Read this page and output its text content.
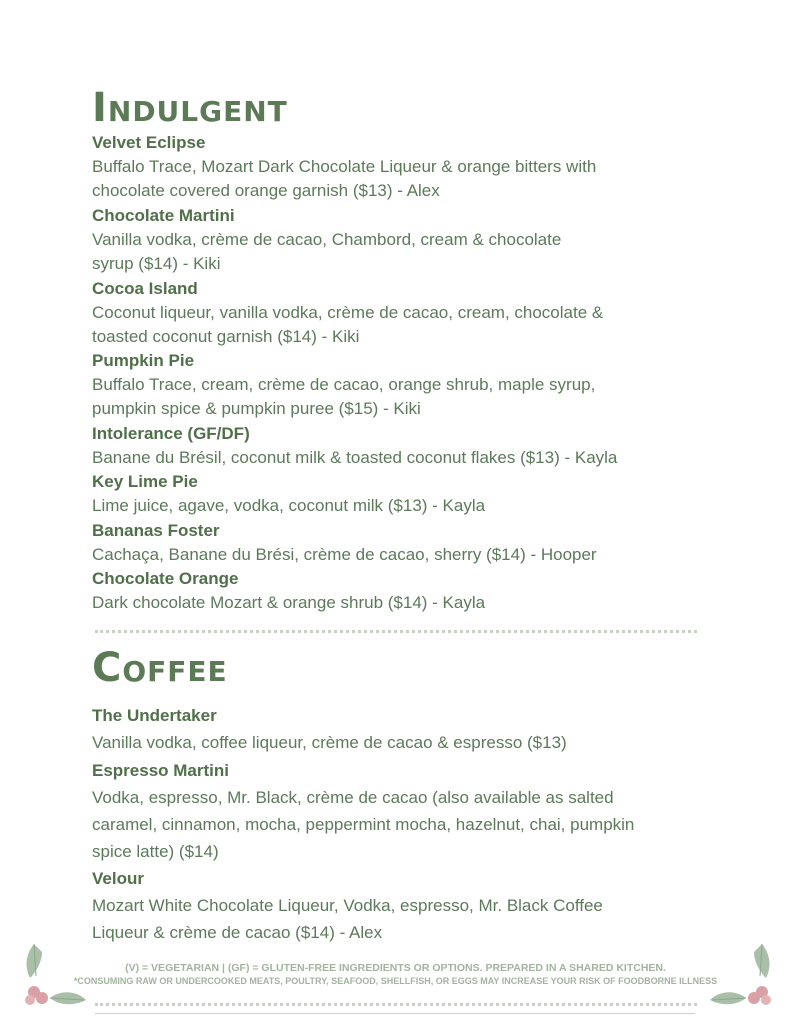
Indulgent
Velvet Eclipse
Buffalo Trace, Mozart Dark Chocolate Liqueur & orange bitters with
chocolate covered orange garnish ($13) - Alex
Chocolate Martini
Vanilla vodka, crème de cacao, Chambord, cream & chocolate
syrup ($14) - Kiki
Cocoa Island
Coconut liqueur, vanilla vodka, crème de cacao, cream, chocolate &
toasted coconut garnish ($14) - Kiki
Pumpkin Pie
Buffalo Trace, cream, crème de cacao, orange shrub, maple syrup,
pumpkin spice & pumpkin puree ($15) - Kiki
Intolerance (GF/DF)
Banane du Brésil, coconut milk & toasted coconut flakes ($13) - Kayla
Key Lime Pie
Lime juice, agave, vodka, coconut milk ($13) - Kayla
Bananas Foster
Cachaça, Banane du Brési, crème de cacao, sherry ($14) - Hooper
Chocolate Orange
Dark chocolate Mozart & orange shrub ($14) - Kayla
Coffee
The Undertaker
Vanilla vodka, coffee liqueur, crème de cacao & espresso ($13)
Espresso Martini
Vodka, espresso, Mr. Black, crème de cacao (also available as salted
caramel, cinnamon, mocha, peppermint mocha, hazelnut, chai, pumpkin
spice latte) ($14)
Velour
Mozart White Chocolate Liqueur, Vodka, espresso, Mr. Black Coffee
Liqueur & crème de cacao ($14) - Alex
(V) = VEGETARIAN | (GF) = GLUTEN-FREE INGREDIENTS OR OPTIONS. PREPARED IN A SHARED KITCHEN.
*CONSUMING RAW OR UNDERCOOKED MEATS, POULTRY, SEAFOOD, SHELLFISH, OR EGGS MAY INCREASE YOUR RISK OF FOODBORNE ILLNESS
